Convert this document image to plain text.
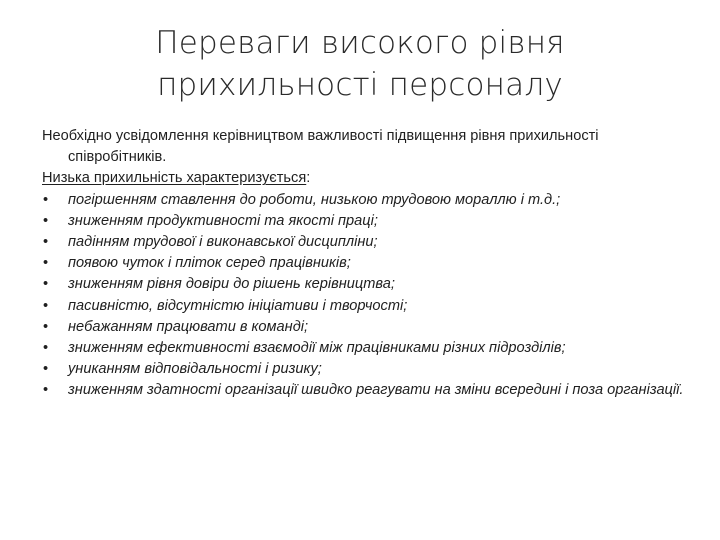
Переваги високого рівня
прихильності персоналу

Необхідно усвідомлення керівництвом важливості підвищення рівня прихильності співробітників.

Низька прихильність характеризується:

• погіршенням ставлення до роботи, низькою трудовою мораллю і т.д.;
• зниженням продуктивності та якості праці;
• падінням трудової і виконавської дисципліни;
• появою чуток і пліток серед працівників;
• зниженням рівня довіри до рішень керівництва;
• пасивністю, відсутністю ініціативи і творчості;
• небажанням працювати в команді;
• зниженням ефективності взаємодії між працівниками різних підрозділів;
• униканням відповідальності і ризику;
• зниженням здатності організації швидко реагувати на зміни всередині і поза організації.
